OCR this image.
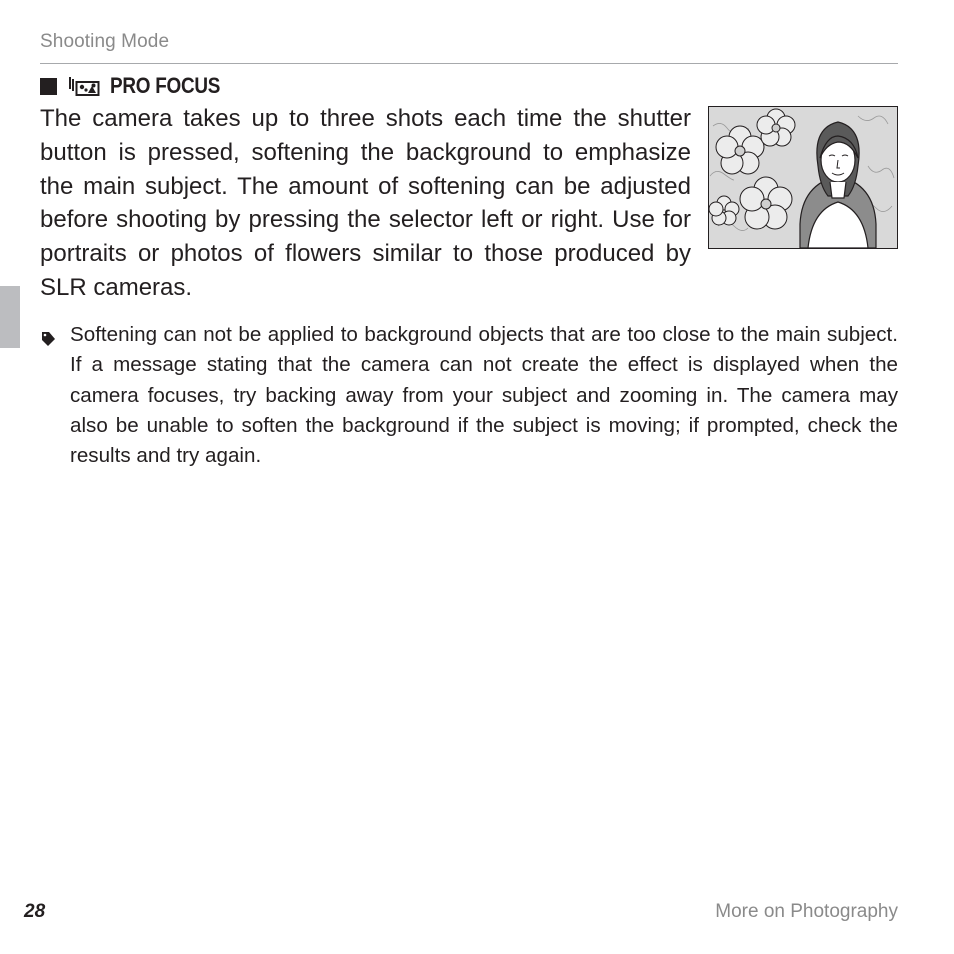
Shooting Mode
PRO FOCUS

The camera takes up to three shots each time the shutter button is pressed, softening the background to emphasize the main subject. The amount of softening can be adjusted before shooting by pressing the selector left or right. Use for portraits or photos of flowers similar to those produced by SLR cameras.

Softening can not be applied to background objects that are too close to the main subject. If a message stating that the camera can not create the effect is displayed when the camera focuses, try backing away from your subject and zooming in. The camera may also be unable to soften the background if the subject is moving; if prompted, check the results and try again.

28	More on Photography
